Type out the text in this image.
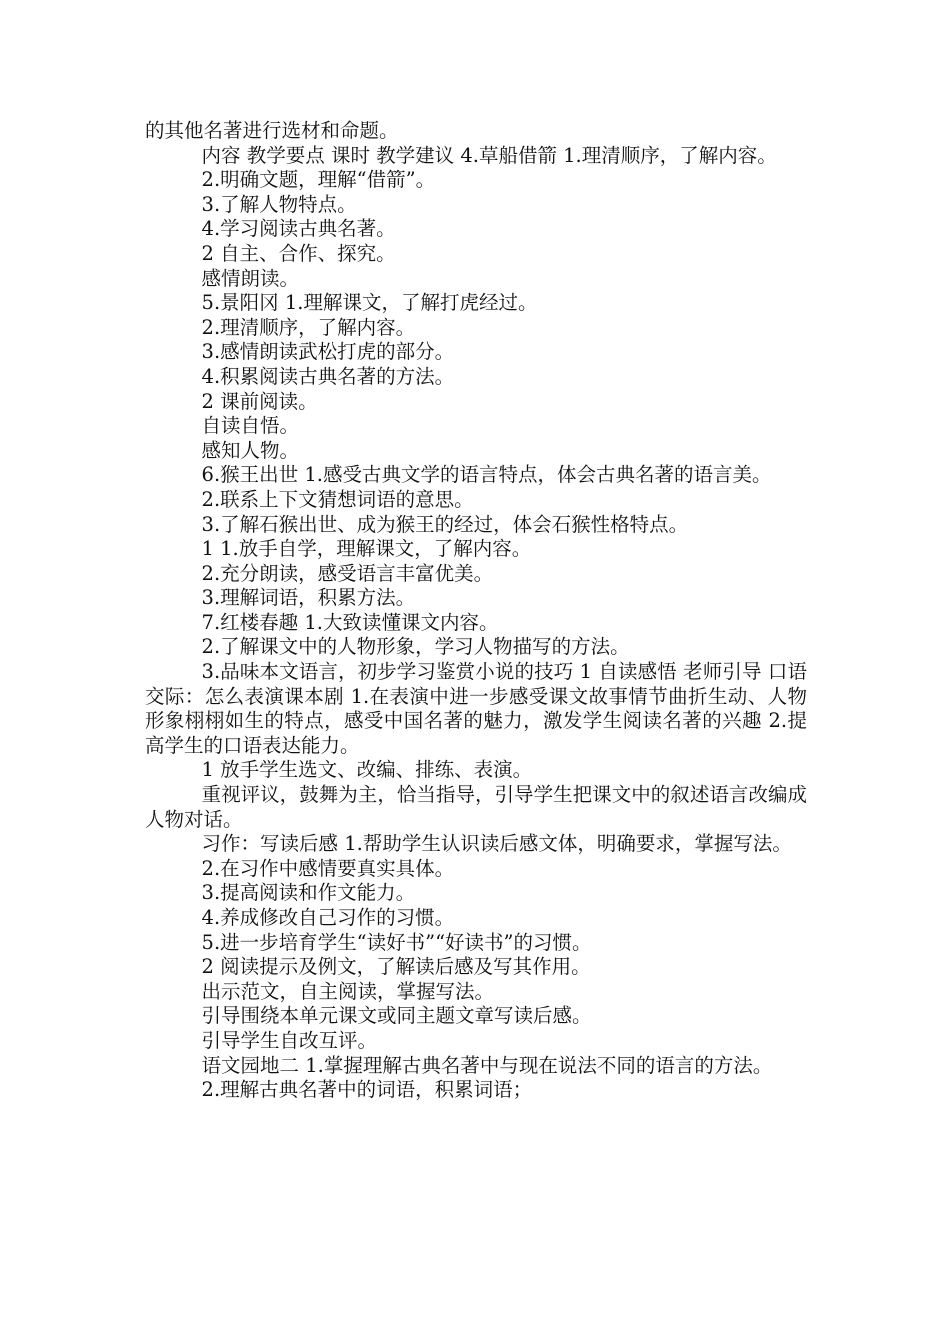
的其他名著进行选材和命题。

内容 教学要点 课时 教学建议 4.草船借箭 1.理清顺序，了解内容。

2.明确文题，理解“借箭”。

3.了解人物特点。

4.学习阅读古典名著。

2 自主、合作、探究。

感情朗读。

5.景阳冈 1.理解课文，了解打虎经过。

2.理清顺序，了解内容。

3.感情朗读武松打虎的部分。

4.积累阅读古典名著的方法。

2 课前阅读。

自读自悟。

感知人物。

6.猴王出世 1.感受古典文学的语言特点，体会古典名著的语言美。

2.联系上下文猜想词语的意思。

3.了解石猴出世、成为猴王的经过，体会石猴性格特点。

1 1.放手自学，理解课文，了解内容。

2.充分朗读，感受语言丰富优美。

3.理解词语，积累方法。

7.红楼春趣 1.大致读懂课文内容。

2.了解课文中的人物形象，学习人物描写的方法。

3.品味本文语言，初步学习鉴赏小说的技巧 1 自读感悟 老师引导 口语交际：怎么表演课本剧 1.在表演中进一步感受课文故事情节曲折生动、人物形象栩栩如生的特点，感受中国名著的魅力，激发学生阅读名著的兴趣 2.提高学生的口语表达能力。

1 放手学生选文、改编、排练、表演。

重视评议，鼓舞为主，恰当指导，引导学生把课文中的叙述语言改编成人物对话。

习作：写读后感 1.帮助学生认识读后感文体，明确要求，掌握写法。

2.在习作中感情要真实具体。

3.提高阅读和作文能力。

4.养成修改自己习作的习惯。

5.进一步培育学生“读好书”“好读书”的习惯。

2 阅读提示及例文，了解读后感及写其作用。

出示范文，自主阅读，掌握写法。

引导围绕本单元课文或同主题文章写读后感。

引导学生自改互评。

语文园地二 1.掌握理解古典名著中与现在说法不同的语言的方法。

2.理解古典名著中的词语，积累词语；
